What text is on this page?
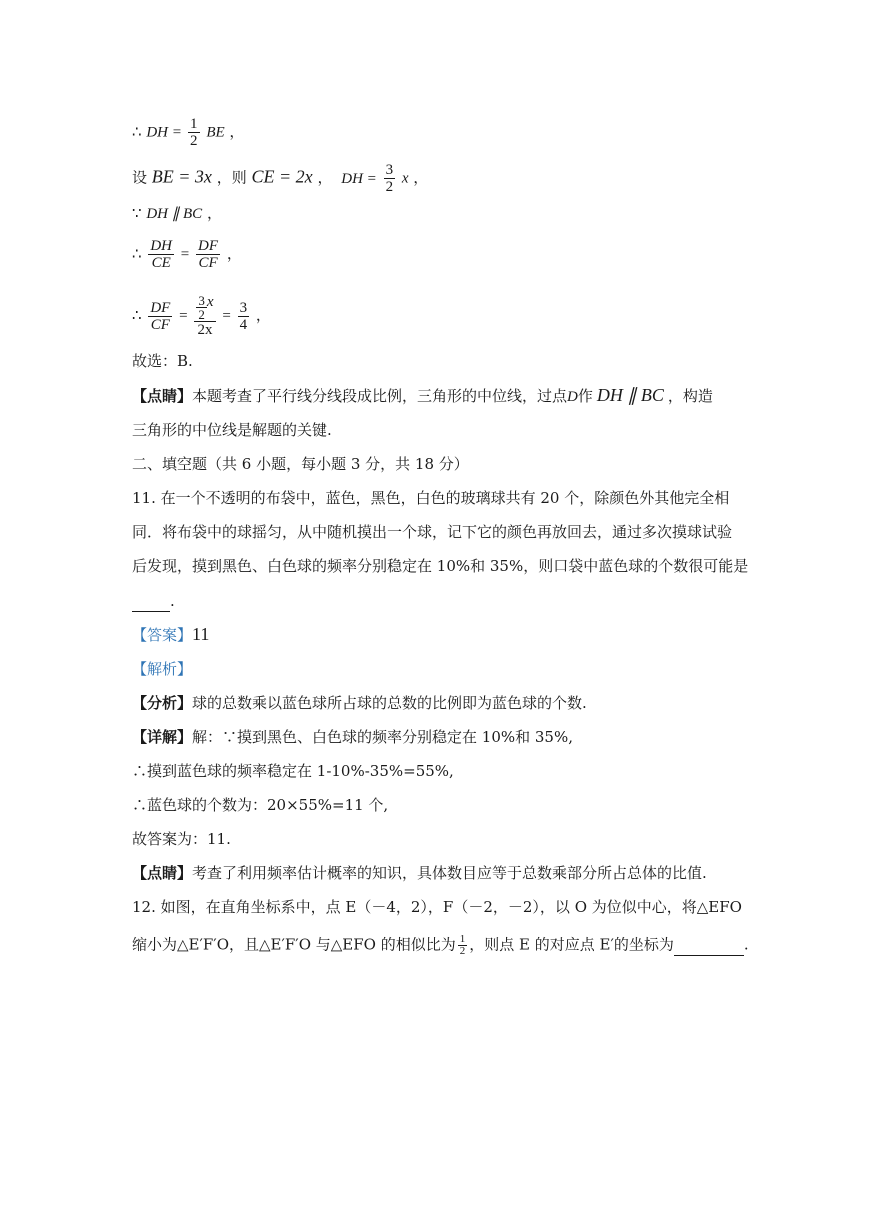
∴ DH = $\frac{1}{2}$ BE ，
设 BE = 3x ，则 CE = 2x ， DH = $\frac{3}{2}$ x ，
∵ DH ∥ BC ，
∴ $\frac{DH}{CE} = \frac{DF}{CF}$ ，
∴ $\frac{DF}{CF} = \frac{\frac{3}{2} x}{2x} = \frac{3}{4}$ ，
故选：B.
【点睛】本题考查了平行线分线段成比例，三角形的中位线，过点D作 DH ∥ BC ，构造
三角形的中位线是解题的关键.
二、填空题（共 6 小题，每小题 3 分，共 18 分）
11. 在一个不透明的布袋中，蓝色，黑色，白色的玻璃球共有 20 个，除颜色外其他完全相
同．将布袋中的球摇匀，从中随机摸出一个球，记下它的颜色再放回去，通过多次摸球试验
后发现，摸到黑色、白色球的频率分别稳定在 10%和 35%，则口袋中蓝色球的个数很可能是
.
【答案】11
【解析】
【分析】球的总数乘以蓝色球所占球的总数的比例即为蓝色球的个数.
【详解】解：∵摸到黑色、白色球的频率分别稳定在 10%和 35%,
∴摸到蓝色球的频率稳定在 1-10%-35%=55%,
∴蓝色球的个数为：20×55%=11 个,
故答案为：11.
【点睛】考查了利用频率估计概率的知识，具体数目应等于总数乘部分所占总体的比值.
12. 如图，在直角坐标系中，点 E（－4，2），F（－2，－2），以 O 为位似中心，将△EFO
缩小为△E′F′O，且△E′F′O 与△EFO 的相似比为 $\frac{1}{2}$ ，则点 E 的对应点 E′的坐标为	.
